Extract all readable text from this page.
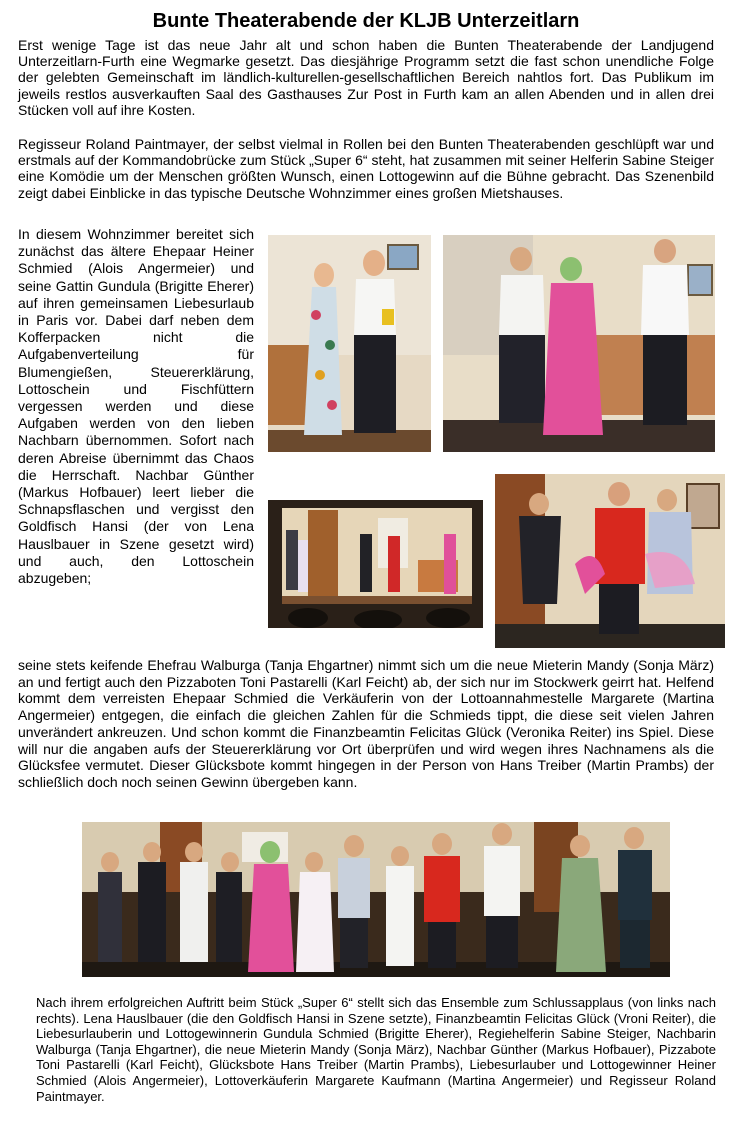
Bunte Theaterabende der KLJB Unterzeitlarn

Erst wenige Tage ist das neue Jahr alt und schon haben die Bunten Theaterabende der Landjugend Unterzeitlarn-Furth eine Wegmarke gesetzt. Das diesjährige Programm setzt die fast schon unendliche Folge der gelebten Gemeinschaft im ländlich-kulturellen-gesellschaftlichen Bereich nahtlos fort. Das Publikum im jeweils restlos ausverkauften Saal des Gasthauses Zur Post in Furth kam an allen Abenden und in allen drei Stücken voll auf ihre Kosten.

Regisseur Roland Paintmayer, der selbst vielmal in Rollen bei den Bunten Theaterabenden geschlüpft war und erstmals auf der Kommandobrücke zum Stück „Super 6“ steht, hat zusammen mit seiner Helferin Sabine Steiger eine Komödie um der Menschen größten Wunsch, einen Lottogewinn auf die Bühne gebracht. Das Szenenbild zeigt dabei Einblicke in das typische Deutsche Wohnzimmer eines großen Mietshauses.

In diesem Wohnzimmer bereitet sich zunächst das ältere Ehepaar Heiner Schmied (Alois Angermeier) und seine Gattin Gundula (Brigitte Eherer) auf ihren gemeinsamen Liebesurlaub in Paris vor. Dabei darf neben dem Kofferpacken nicht die Aufgabenverteilung für Blumengießen, Steuererklärung, Lottoschein und Fischfüttern vergessen werden und diese Aufgaben werden von den lieben Nachbarn übernommen. Sofort nach deren Abreise übernimmt das Chaos die Herrschaft. Nachbar Günther (Markus Hofbauer) leert lieber die Schnapsflaschen und vergisst den Goldfisch Hansi (der von Lena Hauslbauer in Szene gesetzt wird) und auch, den Lottoschein abzugeben;

seine stets keifende Ehefrau Walburga (Tanja Ehgartner) nimmt sich um die neue Mieterin Mandy (Sonja März) an und fertigt auch den Pizzaboten Toni Pastarelli (Karl Feicht) ab, der sich nur im Stockwerk geirrt hat. Helfend kommt dem verreisten Ehepaar Schmied die Verkäuferin von der Lottoannahmestelle Margarete (Martina Angermeier) entgegen, die einfach die gleichen Zahlen für die Schmieds tippt, die diese seit vielen Jahren unverändert ankreuzen. Und schon kommt die Finanzbeamtin Felicitas Glück (Veronika Reiter) ins Spiel. Diese will nur die angaben aufs der Steuererklärung vor Ort überprüfen und wird wegen ihres Nachnamens als die Glücksfee vermutet. Dieser Glücksbote kommt hingegen in der Person von Hans Treiber (Martin Prambs) der schließlich doch noch seinen Gewinn übergeben kann.

Nach ihrem erfolgreichen Auftritt beim Stück „Super 6“ stellt sich das Ensemble zum Schlussapplaus (von links nach rechts). Lena Hauslbauer (die den Goldfisch Hansi in Szene setzte), Finanzbeamtin Felicitas Glück (Vroni Reiter), die Liebesurlauberin und Lottogewinnerin Gundula Schmied (Brigitte Eherer), Regiehelferin Sabine Steiger, Nachbarin Walburga (Tanja Ehgartner), die neue Mieterin Mandy (Sonja März), Nachbar Günther (Markus Hofbauer), Pizzabote Toni Pastarelli (Karl Feicht), Glücksbote Hans Treiber (Martin Prambs), Liebesurlauber und Lottogewinner Heiner Schmied (Alois Angermeier), Lottoverkäuferin Margarete Kaufmann (Martina Angermeier) und Regisseur Roland Paintmayer.
